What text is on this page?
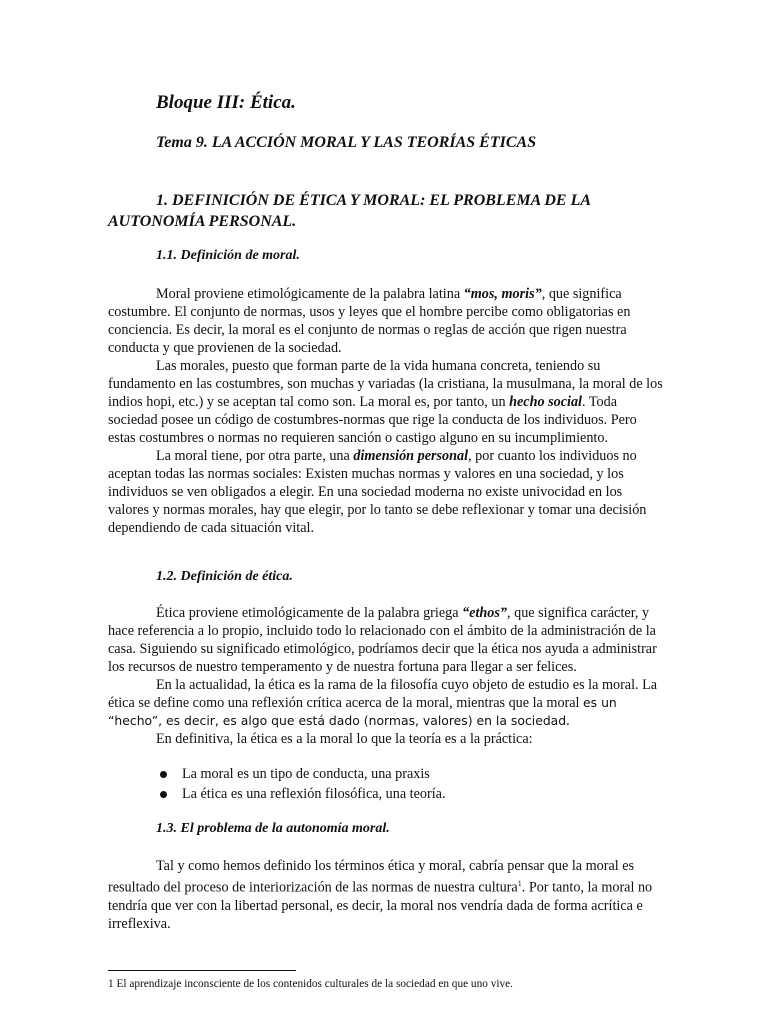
Bloque III: Ética.
Tema 9. LA ACCIÓN MORAL Y LAS TEORÍAS ÉTICAS
1. DEFINICIÓN DE ÉTICA Y MORAL: EL PROBLEMA DE LA
AUTONOMÍA PERSONAL.
1.1. Definición de moral.

Moral proviene etimológicamente de la palabra latina “mos, moris”, que significa costumbre. El conjunto de normas, usos y leyes que el hombre percibe como obligatorias en conciencia. Es decir, la moral es el conjunto de normas o reglas de acción que rigen nuestra conducta y que provienen de la sociedad.

Las morales, puesto que forman parte de la vida humana concreta, teniendo su fundamento en las costumbres, son muchas y variadas (la cristiana, la musulmana, la moral de los indios hopi, etc.) y se aceptan tal como son. La moral es, por tanto, un hecho social. Toda sociedad posee un código de costumbres-normas que rige la conducta de los individuos. Pero estas costumbres o normas no requieren sanción o castigo alguno en su incumplimiento.

La moral tiene, por otra parte, una dimensión personal, por cuanto los individuos no aceptan todas las normas sociales: Existen muchas normas y valores en una sociedad, y los individuos se ven obligados a elegir. En una sociedad moderna no existe univocidad en los valores y normas morales, hay que elegir, por lo tanto se debe reflexionar y tomar una decisión dependiendo de cada situación vital.

1.2. Definición de ética.

Ética proviene etimológicamente de la palabra griega “ethos”, que significa carácter, y hace referencia a lo propio, incluido todo lo relacionado con el ámbito de la administración de la casa. Siguiendo su significado etimológico, podríamos decir que la ética nos ayuda a administrar los recursos de nuestro temperamento y de nuestra fortuna para llegar a ser felices.

En la actualidad, la ética es la rama de la filosofía cuyo objeto de estudio es la moral. La ética se define como una reflexión crítica acerca de la moral, mientras que la moral es un “hecho”, es decir, es algo que está dado (normas, valores) en la sociedad.

En definitiva, la ética es a la moral lo que la teoría es a la práctica:

La moral es un tipo de conducta, una praxis
La ética es una reflexión filosófica, una teoría.
1.3. El problema de la autonomía moral.

Tal y como hemos definido los términos ética y moral, cabría pensar que la moral es resultado del proceso de interiorización de las normas de nuestra cultura$^1$. Por tanto, la moral no tendría que ver con la libertad personal, es decir, la moral nos vendría dada de forma acrítica e irreflexiva.

1 El aprendizaje inconsciente de los contenidos culturales de la sociedad en que uno vive.
